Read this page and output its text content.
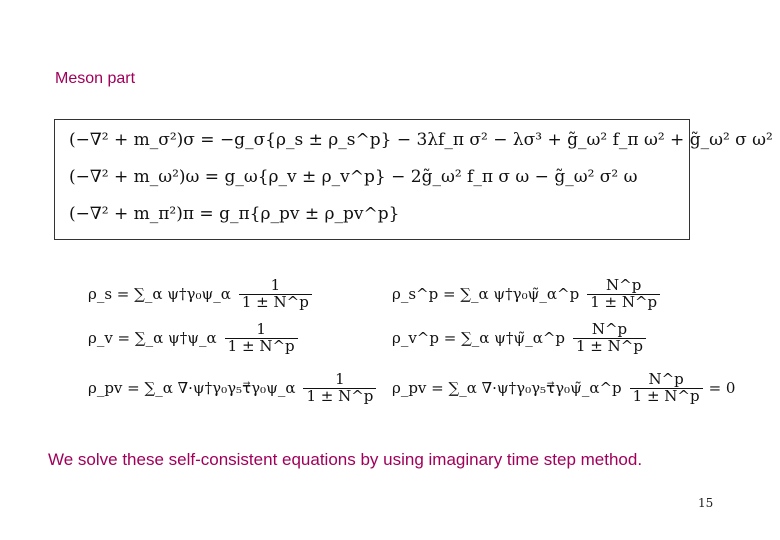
Meson part
(−∇² + m_σ²)σ = −g_σ{ρ_s ± ρ_s^p} − 3λf_π σ² − λσ³ + g̃_ω² f_π ω² + g̃_ω² σ ω²
(−∇² + m_ω²)ω = g_ω{ρ_v ± ρ_v^p} − 2g̃_ω² f_π σ ω − g̃_ω² σ² ω
(−∇² + m_π²)π = g_π{ρ_pv ± ρ_pv^p}
ρ_s = ∑_α ψ†γ₀ψ_α $\frac{1}{1 \pm N\^{}p}$
ρ_v = ∑_α ψ†ψ_α $\frac{1}{1 \pm N\^{}p}$
ρ_pv = ∑_α ∇·ψ†γ₀γ₅τ⃗γ₀ψ_α $\frac{1}{1 \pm N\^{}p}$
ρ_s^p = ∑_α ψ†γ₀ψ̃_α^p $\frac{N\^{}p}{1 \pm N\^{}p}$
ρ_v^p = ∑_α ψ†ψ̃_α^p $\frac{N\^{}p}{1 \pm N\^{}p}$
ρ_pv = ∑_α ∇·ψ†γ₀γ₅τ⃗γ₀ψ̃_α^p $\frac{N\^{}p}{1 \pm N\^{}p} = 0$
We solve these self-consistent equations by using imaginary time step method.
15
